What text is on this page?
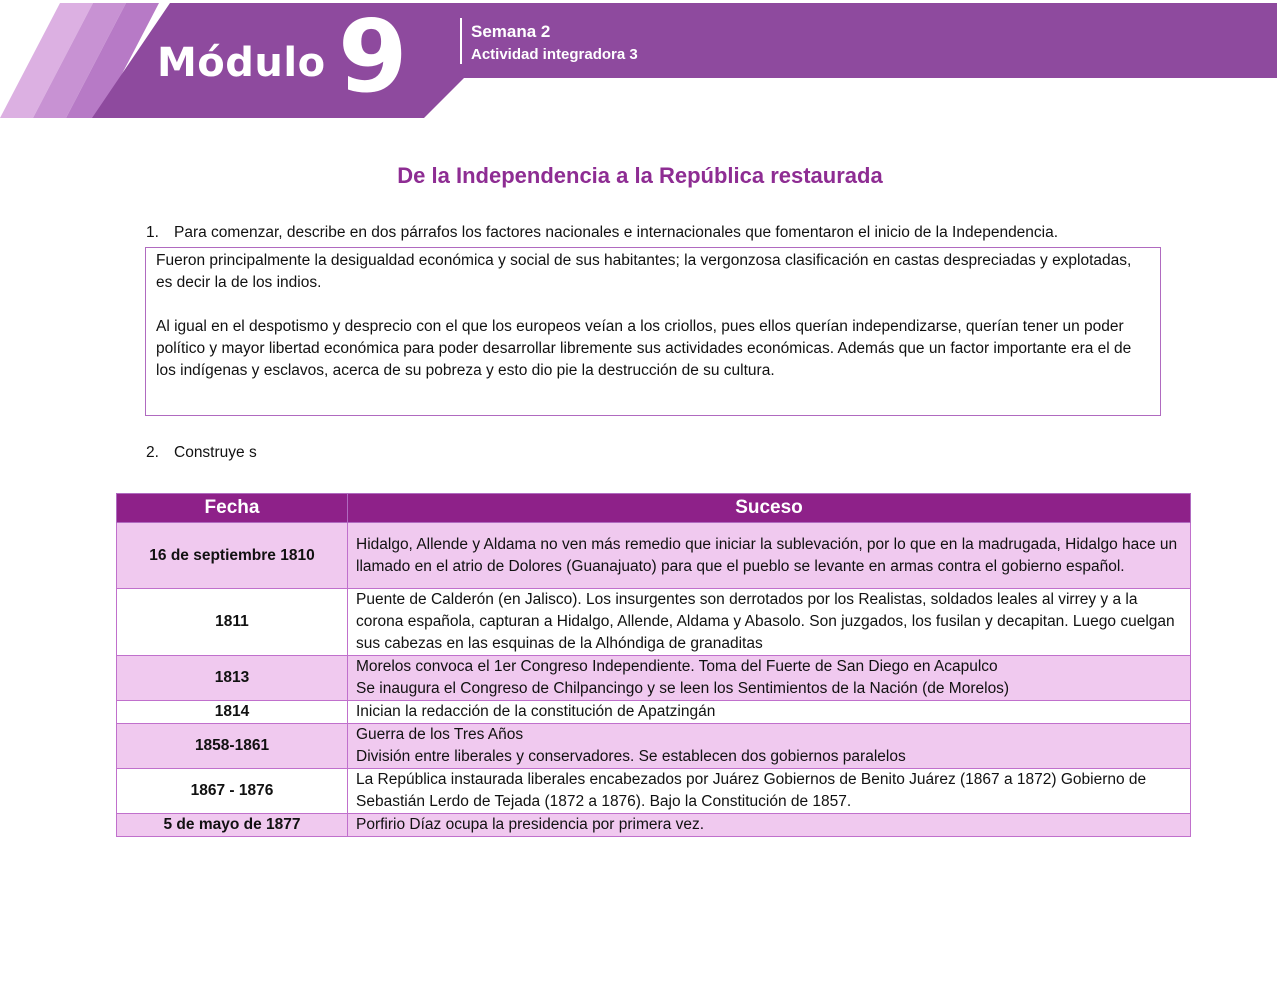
Módulo 9	Semana 2
Actividad integradora 3
De la Independencia a la República restaurada
1. Para comenzar, describe en dos párrafos los factores nacionales e internacionales que fomentaron el inicio de la Independencia.

Fueron principalmente la desigualdad económica y social de sus habitantes; la vergonzosa clasificación en castas despreciadas y explotadas, es decir la de los indios.

Al igual en el despotismo y desprecio con el que los europeos veían a los criollos, pues ellos querían independizarse, querían tener un poder político y mayor libertad económica para poder desarrollar libremente sus actividades económicas. Además que un factor importante era el de los indígenas y esclavos, acerca de su pobreza y esto dio pie la destrucción de su cultura.

2. Construye s
Fecha	Suceso
16 de septiembre 1810	Hidalgo, Allende y Aldama no ven más remedio que iniciar la sublevación, por lo que en la madrugada, Hidalgo hace un llamado en el atrio de Dolores (Guanajuato) para que el pueblo se levante en armas contra el gobierno español.

1811	Puente de Calderón (en Jalisco). Los insurgentes son derrotados por los Realistas, soldados leales al virrey y a la corona española, capturan a Hidalgo, Allende, Aldama y Abasolo. Son juzgados, los fusilan y decapitan. Luego cuelgan sus cabezas en las esquinas de la Alhóndiga de granaditas

1813	Morelos convoca el 1er Congreso Independiente. Toma del Fuerte de San Diego en Acapulco
Se inaugura el Congreso de Chilpancingo y se leen los Sentimientos de la Nación (de Morelos)

1814	Inician la redacción de la constitución de Apatzingán

1858-1861	Guerra de los Tres Años
División entre liberales y conservadores. Se establecen dos gobiernos paralelos

1867 - 1876	La República instaurada liberales encabezados por Juárez Gobiernos de Benito Juárez (1867 a 1872) Gobierno de Sebastián Lerdo de Tejada (1872 a 1876). Bajo la Constitución de 1857.

5 de mayo de 1877	Porfirio Díaz ocupa la presidencia por primera vez.
